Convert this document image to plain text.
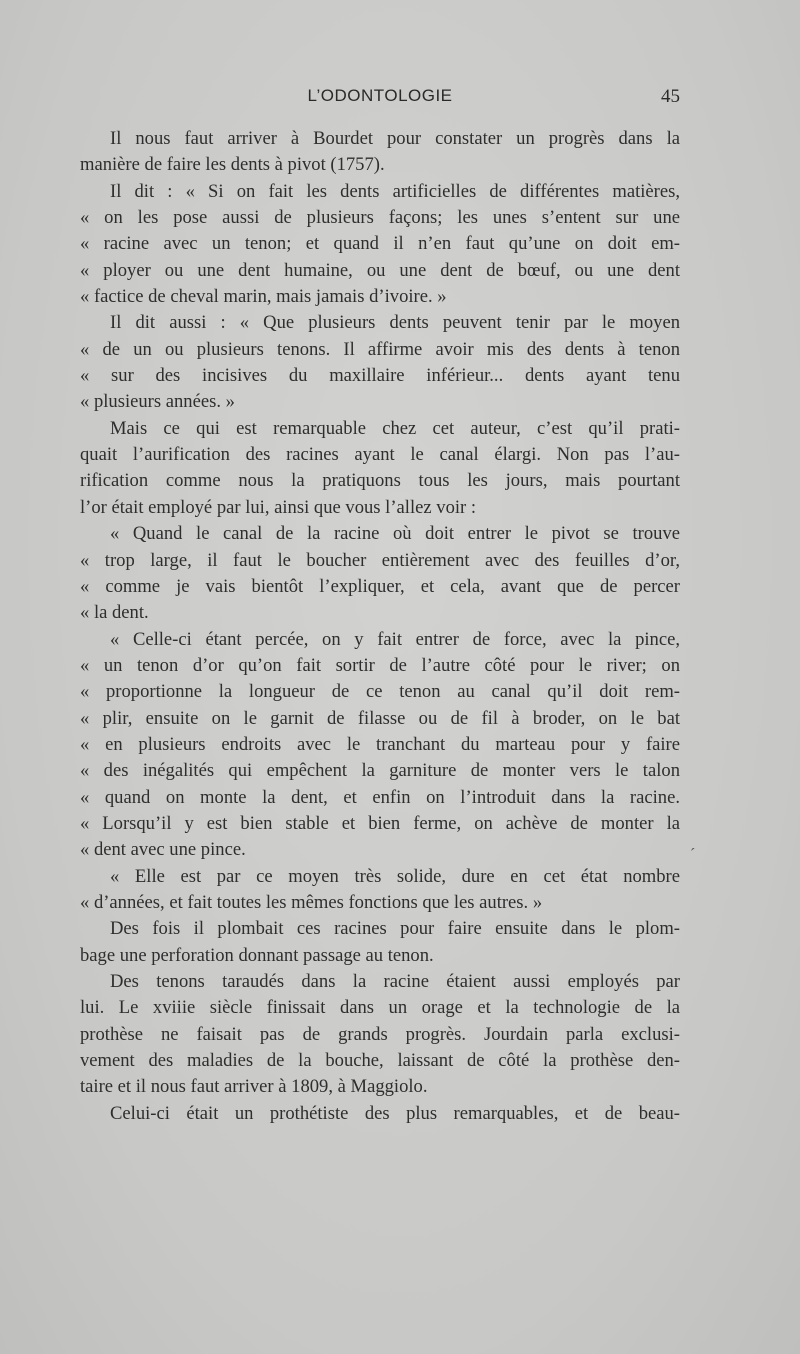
L’ODONTOLOGIE	45
Il nous faut arriver à Bourdet pour constater un progrès dans la
manière de faire les dents à pivot (1757).
Il dit : « Si on fait les dents artificielles de différentes matières,
« on les pose aussi de plusieurs façons; les unes s’entent sur une
« racine avec un tenon; et quand il n’en faut qu’une on doit em-
« ployer ou une dent humaine, ou une dent de bœuf, ou une dent
« factice de cheval marin, mais jamais d’ivoire. »
Il dit aussi : « Que plusieurs dents peuvent tenir par le moyen
« de un ou plusieurs tenons. Il affirme avoir mis des dents à tenon
« sur des incisives du maxillaire inférieur... dents ayant tenu
« plusieurs années. »
Mais ce qui est remarquable chez cet auteur, c’est qu’il prati-
quait l’aurification des racines ayant le canal élargi. Non pas l’au-
rification comme nous la pratiquons tous les jours, mais pourtant
l’or était employé par lui, ainsi que vous l’allez voir :
« Quand le canal de la racine où doit entrer le pivot se trouve
« trop large, il faut le boucher entièrement avec des feuilles d’or,
« comme je vais bientôt l’expliquer, et cela, avant que de percer
« la dent.
« Celle-ci étant percée, on y fait entrer de force, avec la pince,
« un tenon d’or qu’on fait sortir de l’autre côté pour le river; on
« proportionne la longueur de ce tenon au canal qu’il doit rem-
« plir, ensuite on le garnit de filasse ou de fil à broder, on le bat
« en plusieurs endroits avec le tranchant du marteau pour y faire
« des inégalités qui empêchent la garniture de monter vers le talon
« quand on monte la dent, et enfin on l’introduit dans la racine.
« Lorsqu’il y est bien stable et bien ferme, on achève de monter la
« dent avec une pince.
« Elle est par ce moyen très solide, dure en cet état nombre
« d’années, et fait toutes les mêmes fonctions que les autres. »
Des fois il plombait ces racines pour faire ensuite dans le plom-
bage une perforation donnant passage au tenon.
Des tenons taraudés dans la racine étaient aussi employés par
lui. Le xviiie siècle finissait dans un orage et la technologie de la
prothèse ne faisait pas de grands progrès. Jourdain parla exclusi-
vement des maladies de la bouche, laissant de côté la prothèse den-
taire et il nous faut arriver à 1809, à Maggiolo.
Celui-ci était un prothétiste des plus remarquables, et de beau-
´
